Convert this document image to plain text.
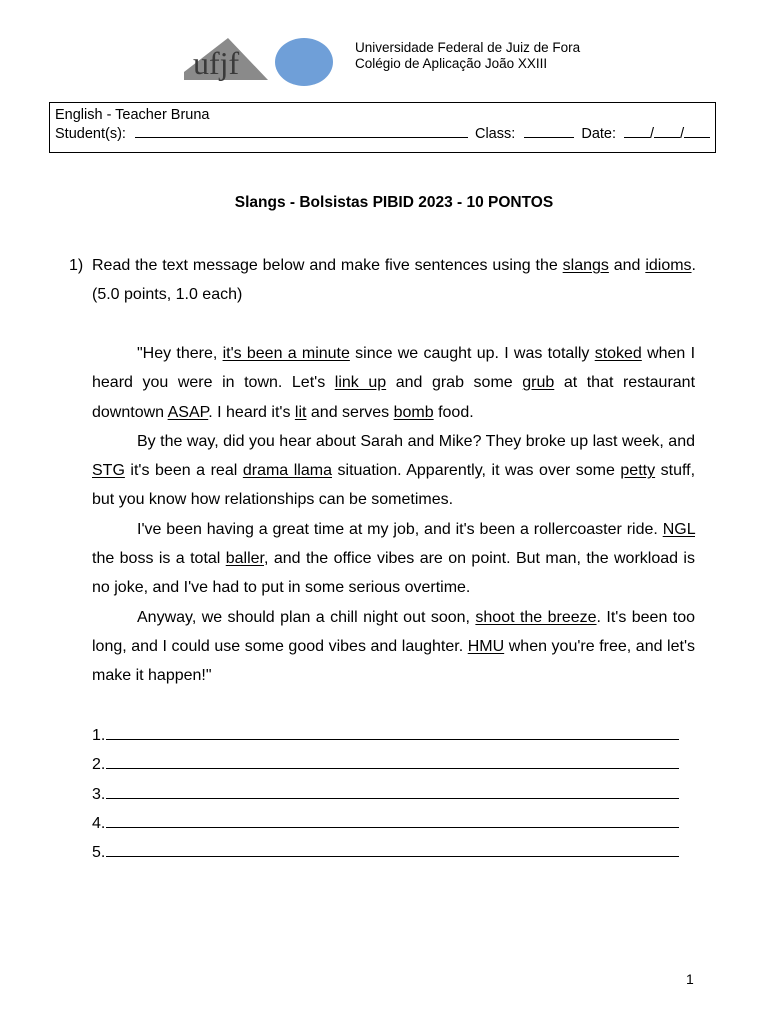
ufjf	Universidade Federal de Juiz de Fora
Colégio de Aplicação João XXIII
English - Teacher Bruna
Student(s):	Class:	Date: / /
Slangs - Bolsistas PIBID 2023 - 10 PONTOS
1) Read the text message below and make five sentences using the slangs and idioms. (5.0 points, 1.0 each)

"Hey there, it's been a minute since we caught up. I was totally stoked when I heard you were in town. Let's link up and grab some grub at that restaurant downtown ASAP. I heard it's lit and serves bomb food.

By the way, did you hear about Sarah and Mike? They broke up last week, and STG it's been a real drama llama situation. Apparently, it was over some petty stuff, but you know how relationships can be sometimes.

I've been having a great time at my job, and it's been a rollercoaster ride. NGL the boss is a total baller, and the office vibes are on point. But man, the workload is no joke, and I've had to put in some serious overtime.

Anyway, we should plan a chill night out soon, shoot the breeze. It's been too long, and I could use some good vibes and laughter. HMU when you're free, and let's make it happen!"

1.
2.
3.
4.
5.
1
